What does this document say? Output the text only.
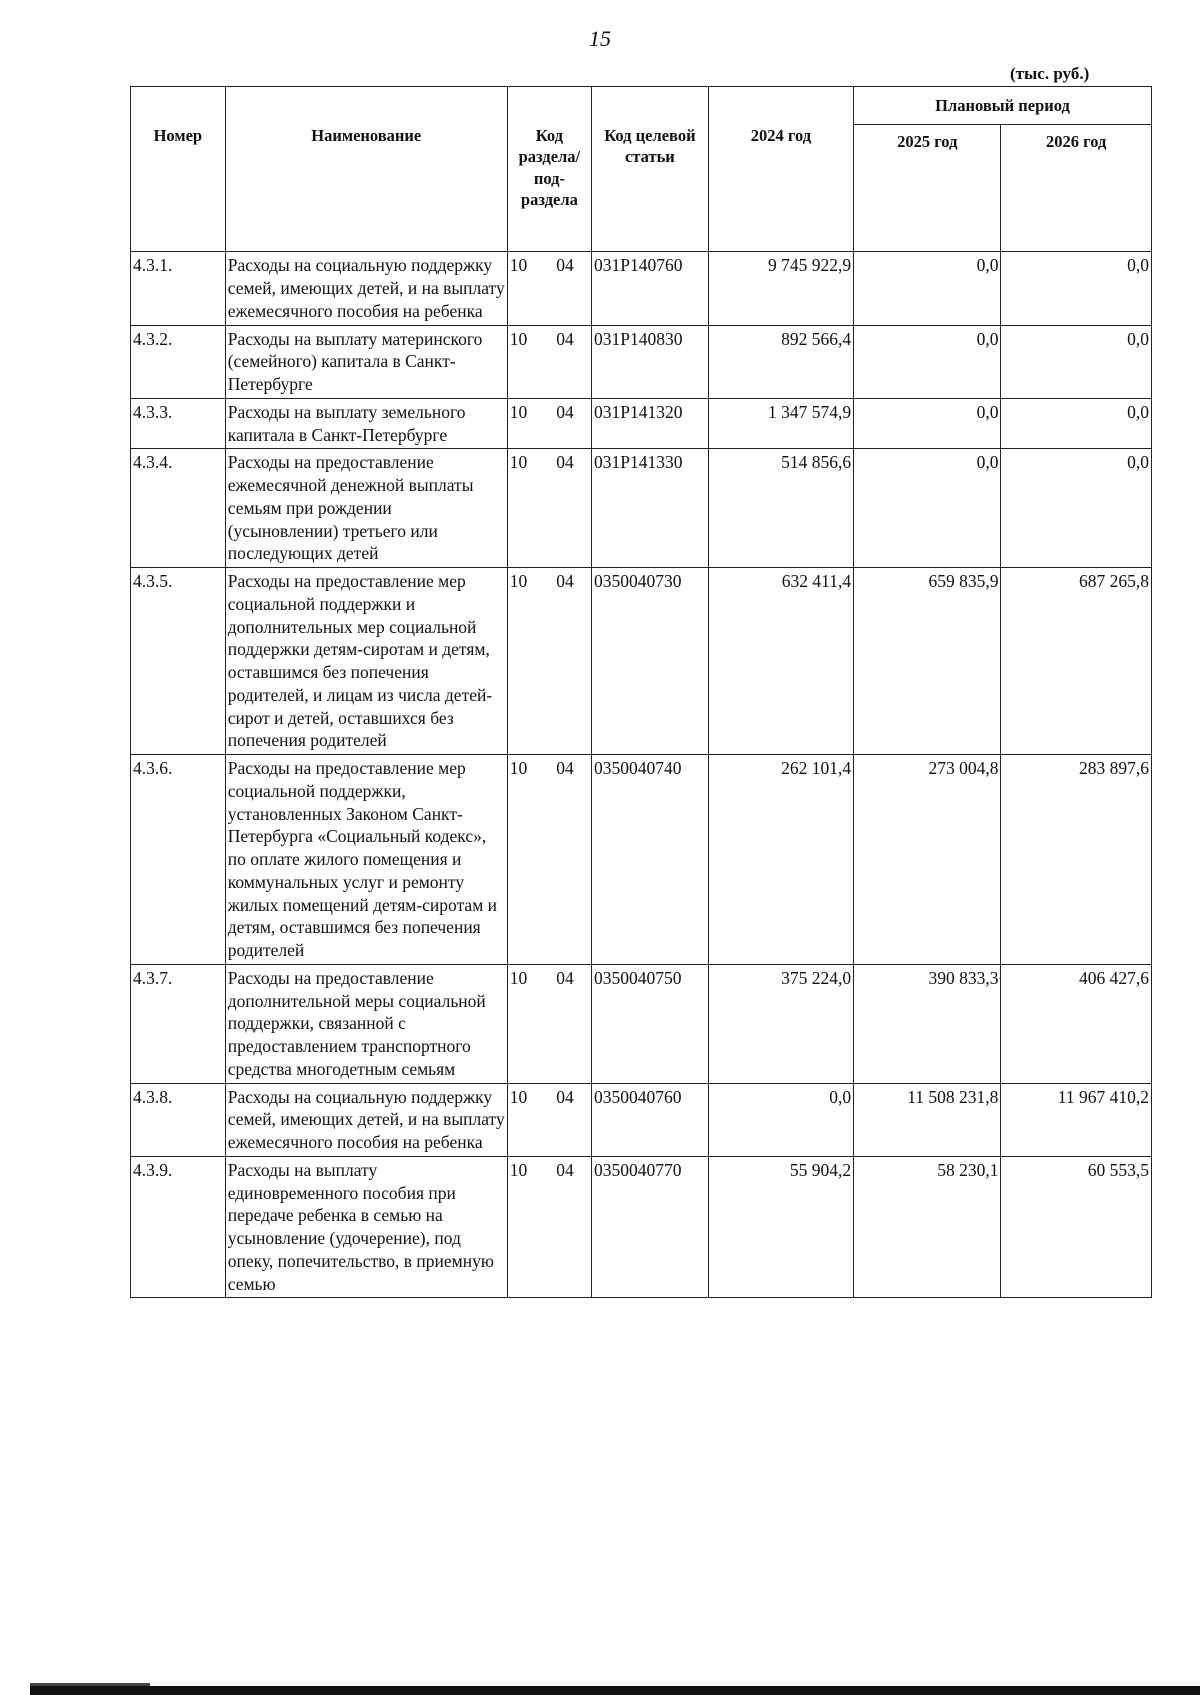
15
(тыс. руб.)
Номер	Наименование	Код раздела/ под- раздела	Код целевой статьи	2024 год	Плановый период	
					2025 год	2026 год
4.3.1.	Расходы на социальную поддержку семей, имеющих детей, и на выплату ежемесячного пособия на ребенка	10 04	031P140760	9 745 922,9	0,0	0,0
4.3.2.	Расходы на выплату материнского (семейного) капитала в Санкт-Петербурге	10 04	031P140830	892 566,4	0,0	0,0
4.3.3.	Расходы на выплату земельного капитала в Санкт-Петербурге	10 04	031P141320	1 347 574,9	0,0	0,0
4.3.4.	Расходы на предоставление ежемесячной денежной выплаты семьям при рождении (усыновлении) третьего или последующих детей	10 04	031P141330	514 856,6	0,0	0,0
4.3.5.	Расходы на предоставление мер социальной поддержки и дополнительных мер социальной поддержки детям-сиротам и детям, оставшимся без попечения родителей, и лицам из числа детей-сирот и детей, оставшихся без попечения родителей	10 04	0350040730	632 411,4	659 835,9	687 265,8
4.3.6.	Расходы на предоставление мер социальной поддержки, установленных Законом Санкт-Петербурга «Социальный кодекс», по оплате жилого помещения и коммунальных услуг и ремонту жилых помещений детям-сиротам и детям, оставшимся без попечения родителей	10 04	0350040740	262 101,4	273 004,8	283 897,6
4.3.7.	Расходы на предоставление дополнительной меры социальной поддержки, связанной с предоставлением транспортного средства многодетным семьям	10 04	0350040750	375 224,0	390 833,3	406 427,6
4.3.8.	Расходы на социальную поддержку семей, имеющих детей, и на выплату ежемесячного пособия на ребенка	10 04	0350040760	0,0	11 508 231,8	11 967 410,2
4.3.9.	Расходы на выплату единовременного пособия при передаче ребенка в семью на усыновление (удочерение), под опеку, попечительство, в приемную семью	10 04	0350040770	55 904,2	58 230,1	60 553,5
